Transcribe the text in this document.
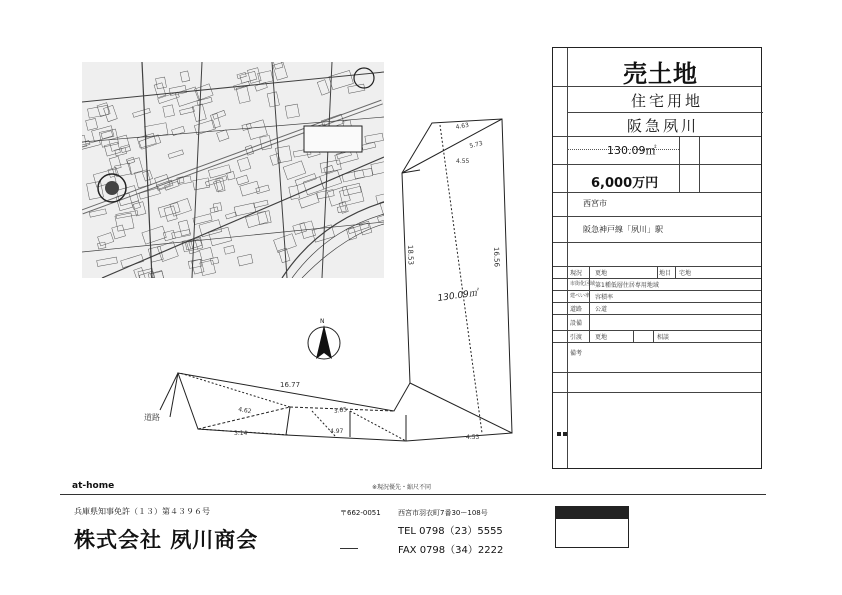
N
130.09㎡
道路
4.63
5.73
4.55
18.53	16.56
16.77
4.62	3.65
3.14	4.97
4.53
売土地
住宅用地
阪急夙川
130.09㎡
6,000万円
西宮市
阪急神戸線「夙川」駅
現況 更地	地目 宅地
市街化区域 第1種低層住居専用地域
建ぺい率 容積率
道路 公道
設備
引渡 更地	相談
備考
at-home	※現況優先・縮尺不同
兵庫県知事免許（１３）第４３９６号
株式会社 夙川商会
〒662-0051 西宮市羽衣町7番30ー108号
TEL 0798（23）5555
FAX 0798（34）2222
